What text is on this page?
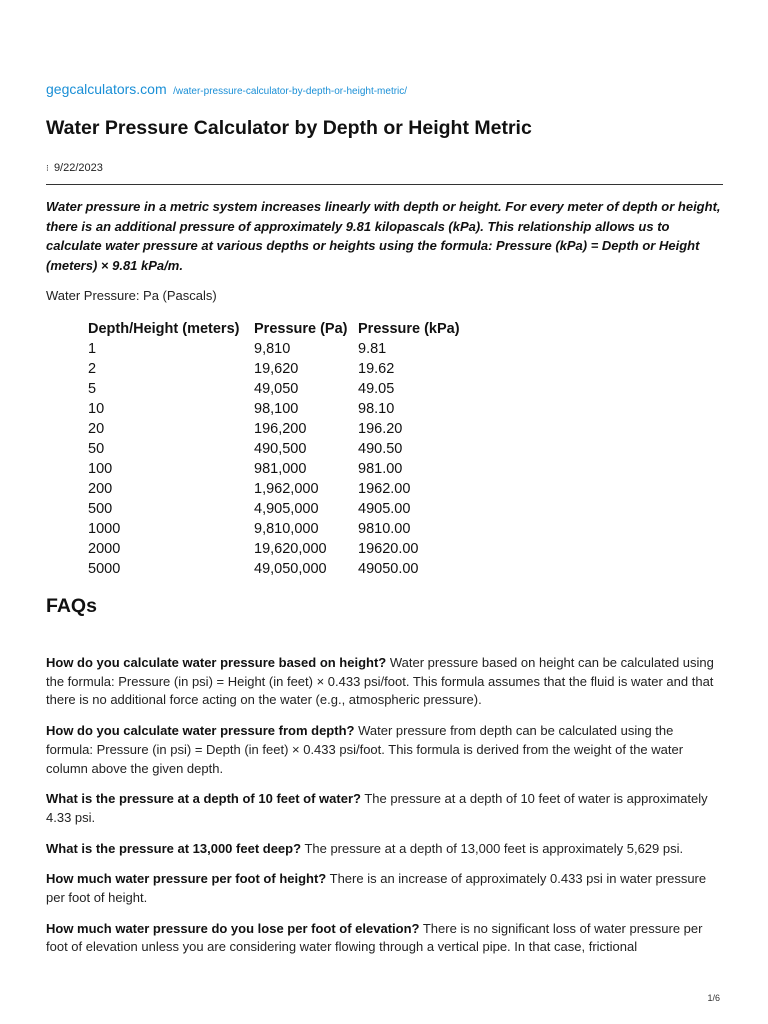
gegcalculators.com /water-pressure-calculator-by-depth-or-height-metric/
Water Pressure Calculator by Depth or Height Metric
⁝ 9/22/2023

Water pressure in a metric system increases linearly with depth or height. For every meter of depth or height, there is an additional pressure of approximately 9.81 kilopascals (kPa). This relationship allows us to calculate water pressure at various depths or heights using the formula: Pressure (kPa) = Depth or Height (meters) × 9.81 kPa/m.

Water Pressure: Pa (Pascals)

Depth/Height (meters)	Pressure (Pa)	Pressure (kPa)
1	9,810	9.81
2	19,620	19.62
5	49,050	49.05
10	98,100	98.10
20	196,200	196.20
50	490,500	490.50
100	981,000	981.00
200	1,962,000	1962.00
500	4,905,000	4905.00
1000	9,810,000	9810.00
2000	19,620,000	19620.00
5000	49,050,000	49050.00
FAQs

How do you calculate water pressure based on height? Water pressure based on height can be calculated using the formula: Pressure (in psi) = Height (in feet) × 0.433 psi/foot. This formula assumes that the fluid is water and that there is no additional force acting on the water (e.g., atmospheric pressure).

How do you calculate water pressure from depth? Water pressure from depth can be calculated using the formula: Pressure (in psi) = Depth (in feet) × 0.433 psi/foot. This formula is derived from the weight of the water column above the given depth.

What is the pressure at a depth of 10 feet of water? The pressure at a depth of 10 feet of water is approximately 4.33 psi.

What is the pressure at 13,000 feet deep? The pressure at a depth of 13,000 feet is approximately 5,629 psi.

How much water pressure per foot of height? There is an increase of approximately 0.433 psi in water pressure per foot of height.

How much water pressure do you lose per foot of elevation? There is no significant loss of water pressure per foot of elevation unless you are considering water flowing through a vertical pipe. In that case, frictional

1/6
